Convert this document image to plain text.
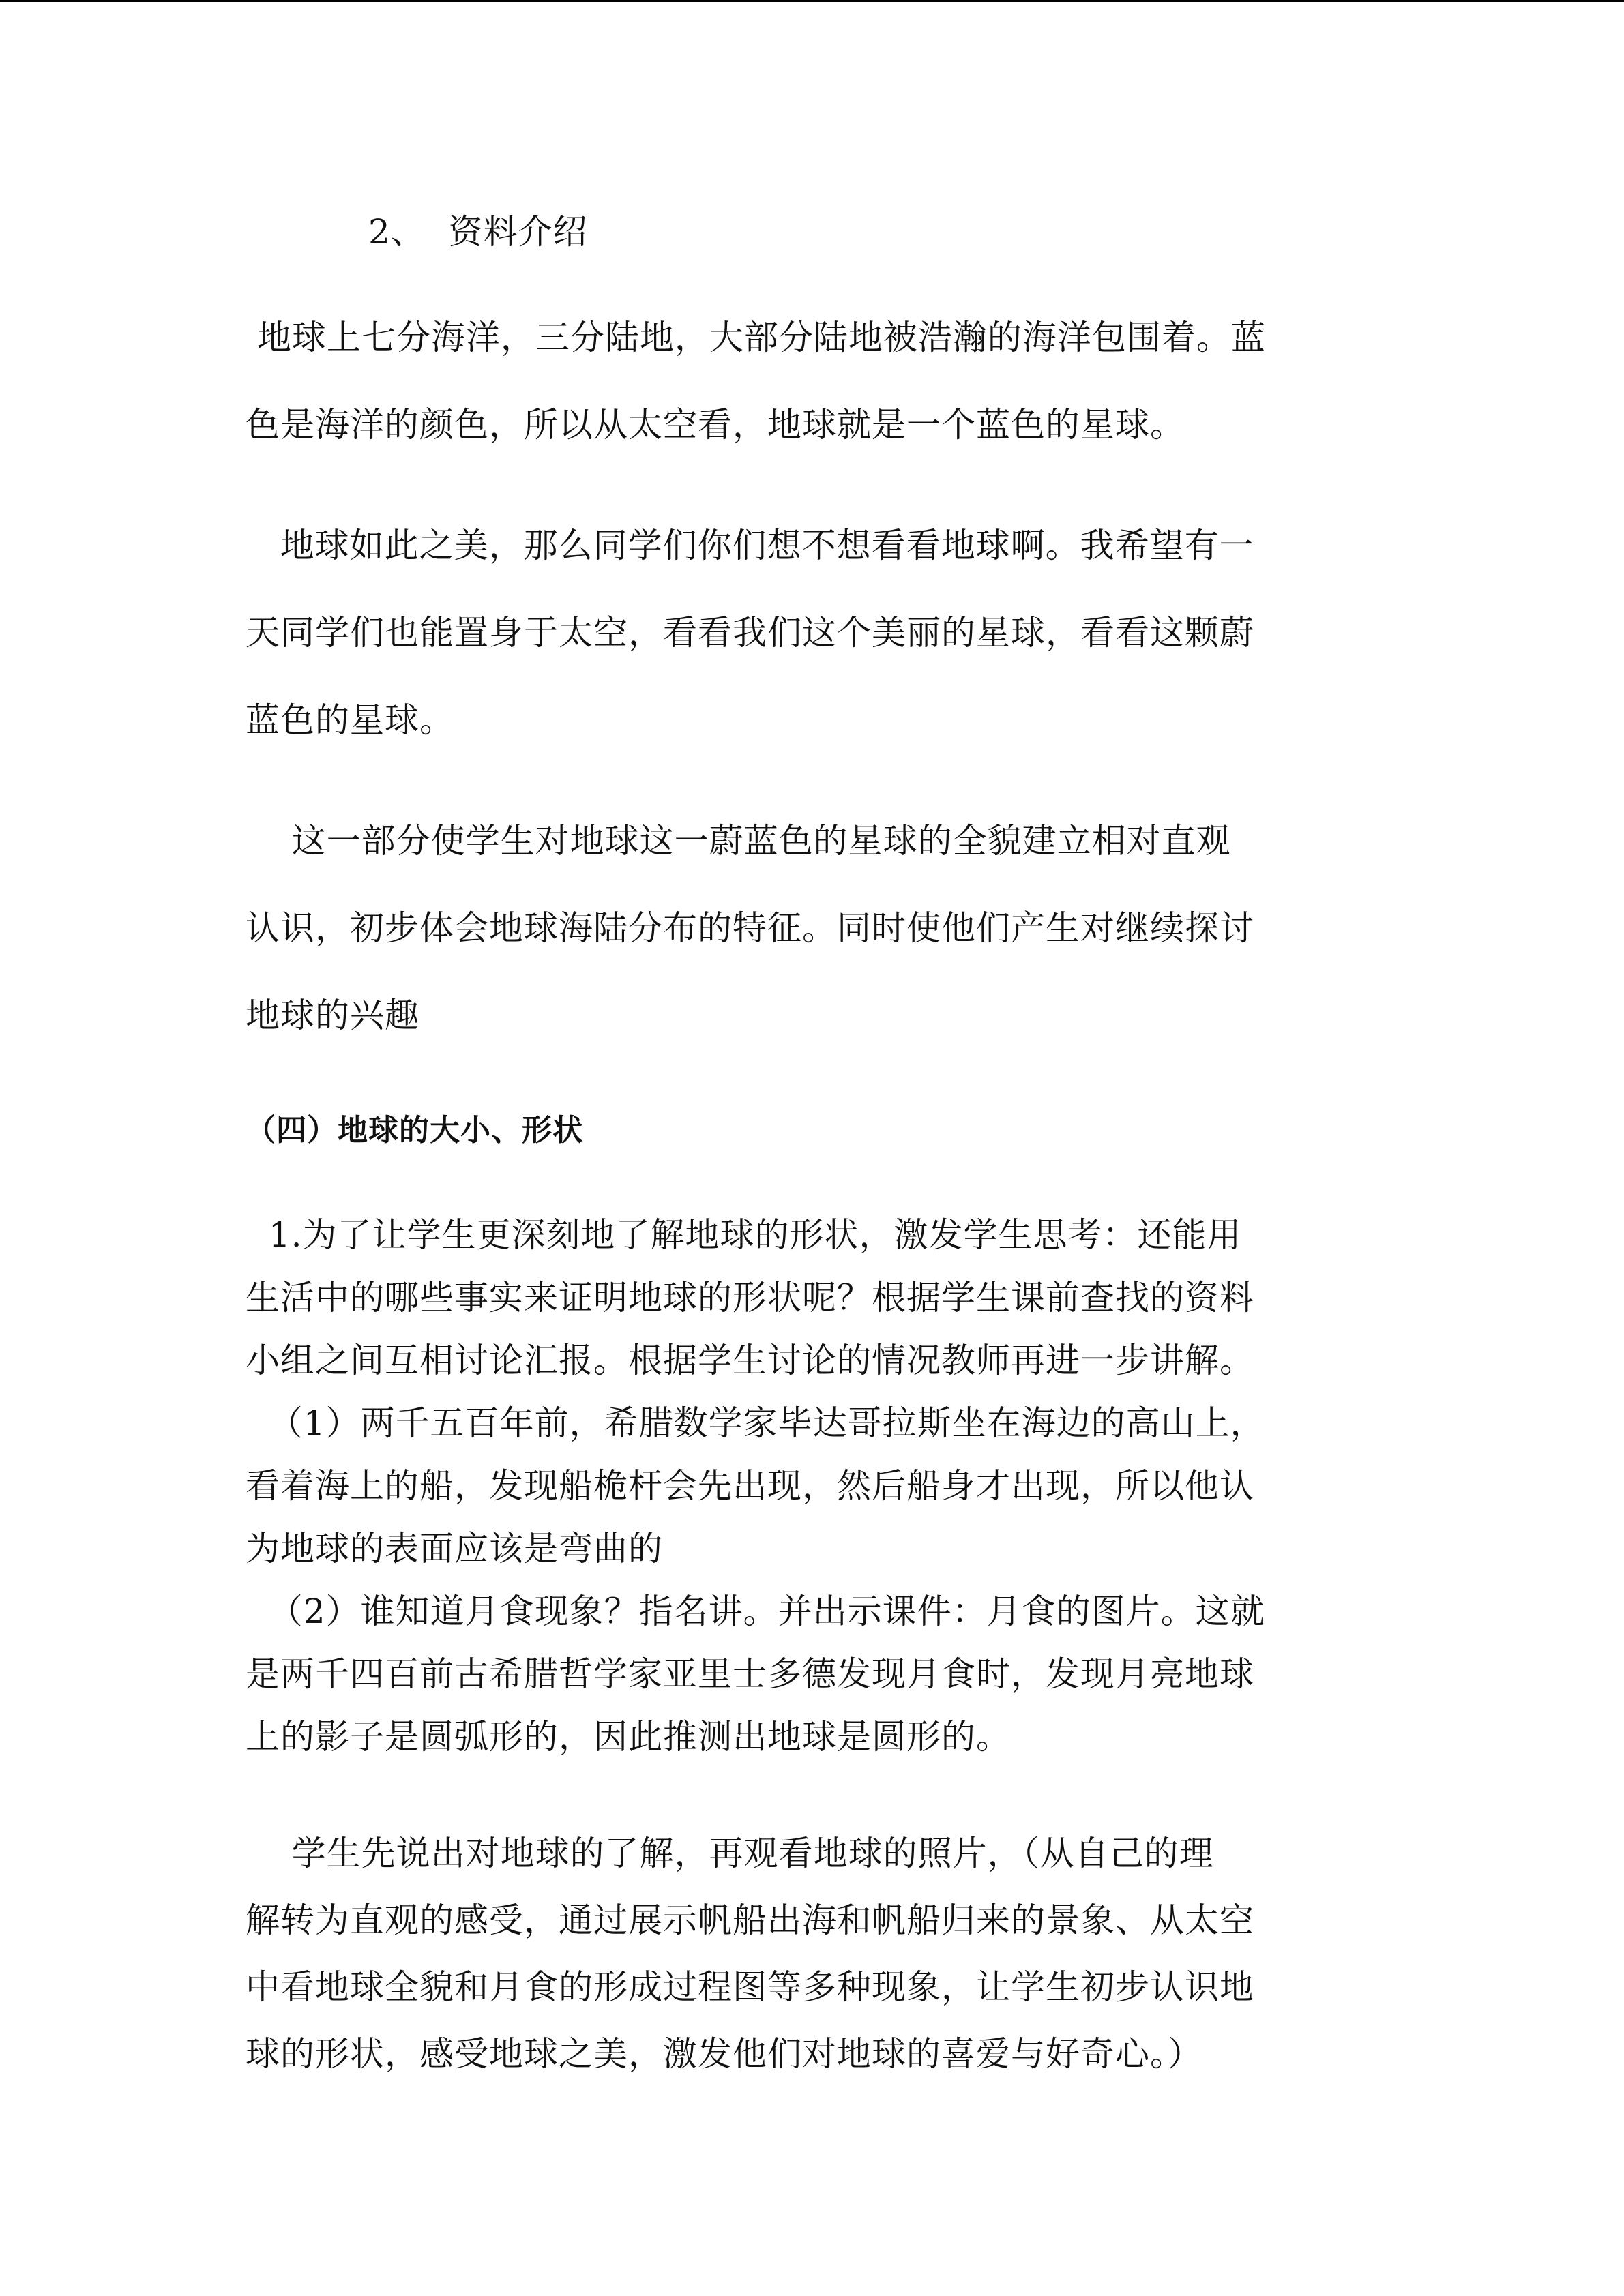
2、  资料介绍
地球上七分海洋，三分陆地，大部分陆地被浩瀚的海洋包围着。蓝
色是海洋的颜色，所以从太空看，地球就是一个蓝色的星球。
地球如此之美，那么同学们你们想不想看看地球啊。我希望有一
天同学们也能置身于太空，看看我们这个美丽的星球，看看这颗蔚
蓝色的星球。
这一部分使学生对地球这一蔚蓝色的星球的全貌建立相对直观
认识，初步体会地球海陆分布的特征。同时使他们产生对继续探讨
地球的兴趣
（四）地球的大小、形状
1.为了让学生更深刻地了解地球的形状，激发学生思考：还能用
生活中的哪些事实来证明地球的形状呢？根据学生课前查找的资料
小组之间互相讨论汇报。根据学生讨论的情况教师再进一步讲解。
（1）两千五百年前，希腊数学家毕达哥拉斯坐在海边的高山上，
看着海上的船，发现船桅杆会先出现，然后船身才出现，所以他认
为地球的表面应该是弯曲的
（2）谁知道月食现象？指名讲。并出示课件：月食的图片。这就
是两千四百前古希腊哲学家亚里士多德发现月食时，发现月亮地球
上的影子是圆弧形的，因此推测出地球是圆形的。
学生先说出对地球的了解，再观看地球的照片，（从自己的理
解转为直观的感受，通过展示帆船出海和帆船归来的景象、从太空
中看地球全貌和月食的形成过程图等多种现象，让学生初步认识地
球的形状，感受地球之美，激发他们对地球的喜爱与好奇心。）
